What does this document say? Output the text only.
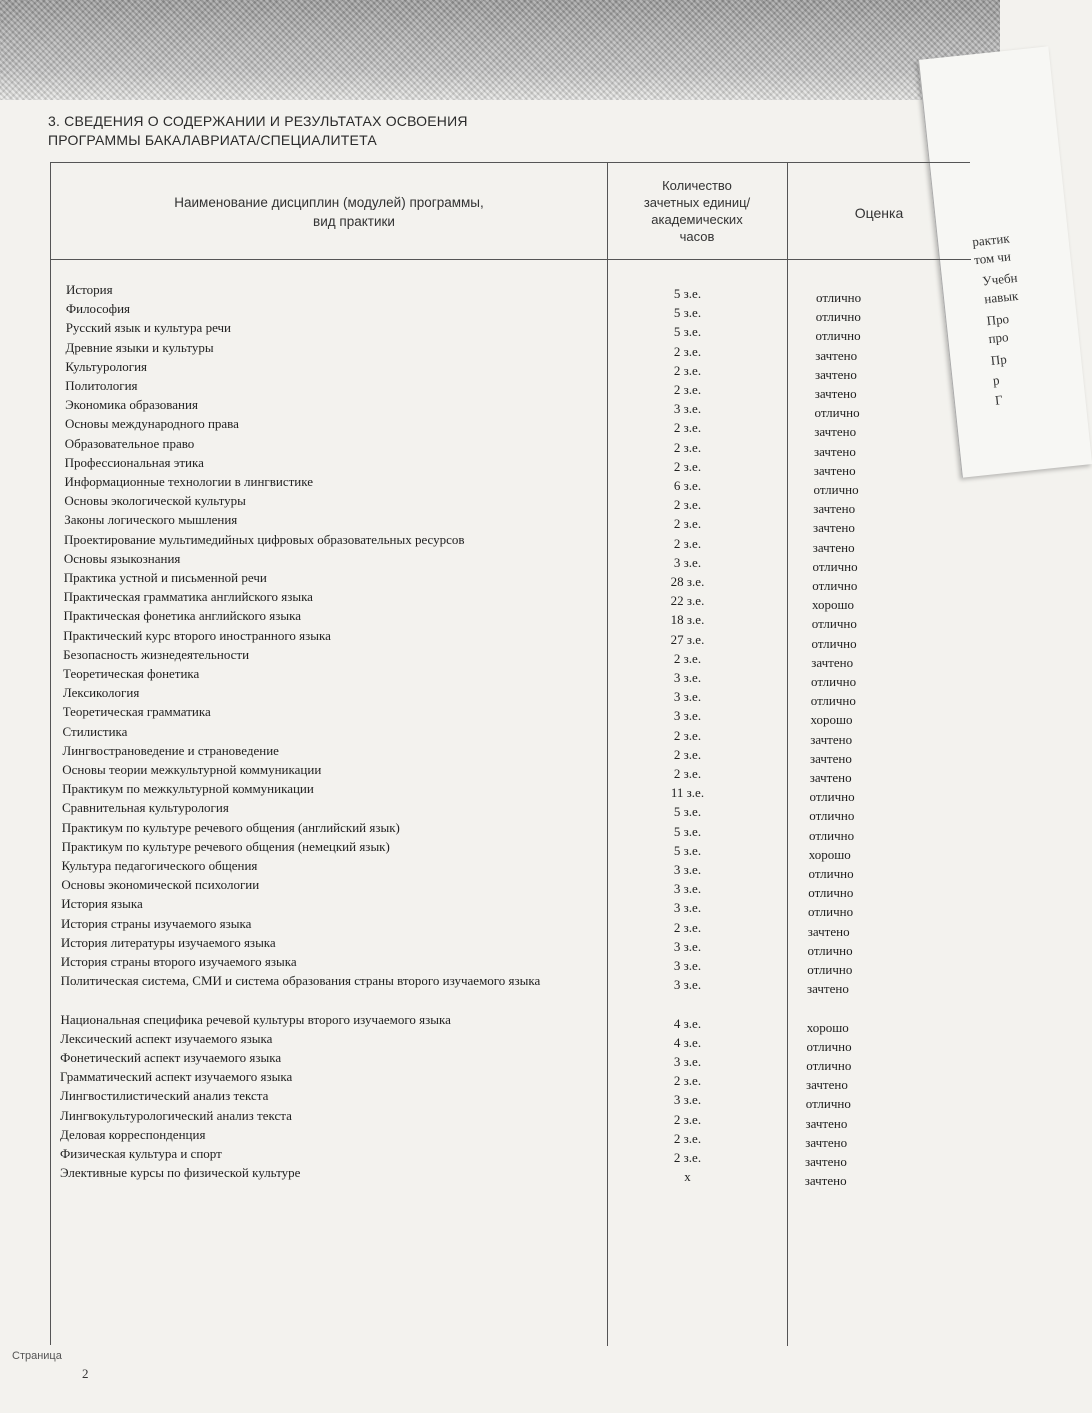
рактик
том чи
Учебн
навык
Про
про
Пр
р
Г
3. СВЕДЕНИЯ О СОДЕРЖАНИИ И РЕЗУЛЬТАТАХ ОСВОЕНИЯ
ПРОГРАММЫ БАКАЛАВРИАТА/СПЕЦИАЛИТЕТА
Наименование дисциплин (модулей) программы,
вид практики
Количество
зачетных единиц/
академических
часов
Оценка
История	5 з.е.	отлично
Философия	5 з.е.	отлично
Русский язык и культура речи	5 з.е.	отлично
Древние языки и культуры	2 з.е.	зачтено
Культурология	2 з.е.	зачтено
Политология	2 з.е.	зачтено
Экономика образования	3 з.е.	отлично
Основы международного права	2 з.е.	зачтено
Образовательное право	2 з.е.	зачтено
Профессиональная этика	2 з.е.	зачтено
Информационные технологии в лингвистике	6 з.е.	отлично
Основы экологической культуры	2 з.е.	зачтено
Законы логического мышления	2 з.е.	зачтено
Проектирование мультимедийных цифровых образовательных ресурсов	2 з.е.	зачтено
Основы языкознания	3 з.е.	отлично
Практика устной и письменной речи	28 з.е.	отлично
Практическая грамматика английского языка	22 з.е.	хорошо
Практическая фонетика английского языка	18 з.е.	отлично
Практический курс второго иностранного языка	27 з.е.	отлично
Безопасность жизнедеятельности	2 з.е.	зачтено
Теоретическая фонетика	3 з.е.	отлично
Лексикология	3 з.е.	отлично
Теоретическая грамматика	3 з.е.	хорошо
Стилистика	2 з.е.	зачтено
Лингвострановедение и страноведение	2 з.е.	зачтено
Основы теории межкультурной коммуникации	2 з.е.	зачтено
Практикум по межкультурной коммуникации	11 з.е.	отлично
Сравнительная культурология	5 з.е.	отлично
Практикум по культуре речевого общения (английский язык)	5 з.е.	отлично
Практикум по культуре речевого общения (немецкий язык)	5 з.е.	хорошо
Культура педагогического общения	3 з.е.	отлично
Основы экономической психологии	3 з.е.	отлично
История языка	3 з.е.	отлично
История страны изучаемого языка	2 з.е.	зачтено
История литературы изучаемого языка	3 з.е.	отлично
История страны второго изучаемого языка	3 з.е.	отлично
Политическая система, СМИ и система образования страны второго изучаемого языка	3 з.е.	зачтено
Национальная специфика речевой культуры второго изучаемого языка	4 з.е.	хорошо
Лексический аспект изучаемого языка	4 з.е.	отлично
Фонетический аспект изучаемого языка	3 з.е.	отлично
Грамматический аспект изучаемого языка	2 з.е.	зачтено
Лингвостилистический анализ текста	3 з.е.	отлично
Лингвокультурологический анализ текста	2 з.е.	зачтено
Деловая корреспонденция	2 з.е.	зачтено
Физическая культура и спорт	2 з.е.	зачтено
Элективные курсы по физической культуре	x	зачтено
Страница
2
